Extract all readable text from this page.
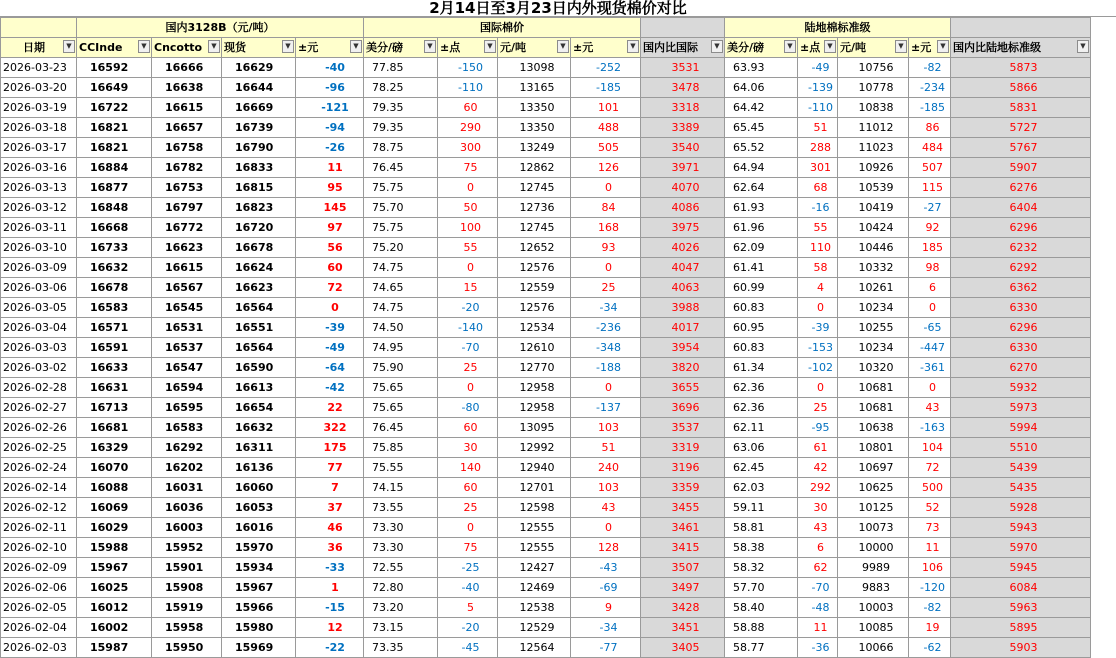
2月14日至3月23日内外现货棉价对比
	国内3128B（元/吨）				国际棉价					陆地棉标准级				

日期 ▼	CCInde ▼	Cncotto ▼	现货 ▼	±元 ▼	美分/磅 ▼	±点 ▼	元/吨 ▼	±元 ▼	国内比国际 ▼	美分/磅 ▼	±点 ▼	元/吨 ▼	±元 ▼	国内比陆地标准级 ▼

2026-03-23	16592	16666	16629	-40	77.85	-150	13098	-252	3531	63.93	-49	10756	-82	5873
2026-03-20	16649	16638	16644	-96	78.25	-110	13165	-185	3478	64.06	-139	10778	-234	5866
2026-03-19	16722	16615	16669	-121	79.35	60	13350	101	3318	64.42	-110	10838	-185	5831
2026-03-18	16821	16657	16739	-94	79.35	290	13350	488	3389	65.45	51	11012	86	5727
2026-03-17	16821	16758	16790	-26	78.75	300	13249	505	3540	65.52	288	11023	484	5767
2026-03-16	16884	16782	16833	11	76.45	75	12862	126	3971	64.94	301	10926	507	5907
2026-03-13	16877	16753	16815	95	75.75	0	12745	0	4070	62.64	68	10539	115	6276
2026-03-12	16848	16797	16823	145	75.70	50	12736	84	4086	61.93	-16	10419	-27	6404
2026-03-11	16668	16772	16720	97	75.75	100	12745	168	3975	61.96	55	10424	92	6296
2026-03-10	16733	16623	16678	56	75.20	55	12652	93	4026	62.09	110	10446	185	6232
2026-03-09	16632	16615	16624	60	74.75	0	12576	0	4047	61.41	58	10332	98	6292
2026-03-06	16678	16567	16623	72	74.65	15	12559	25	4063	60.99	4	10261	6	6362
2026-03-05	16583	16545	16564	0	74.75	-20	12576	-34	3988	60.83	0	10234	0	6330
2026-03-04	16571	16531	16551	-39	74.50	-140	12534	-236	4017	60.95	-39	10255	-65	6296
2026-03-03	16591	16537	16564	-49	74.95	-70	12610	-348	3954	60.83	-153	10234	-447	6330
2026-03-02	16633	16547	16590	-64	75.90	25	12770	-188	3820	61.34	-102	10320	-361	6270
2026-02-28	16631	16594	16613	-42	75.65	0	12958	0	3655	62.36	0	10681	0	5932
2026-02-27	16713	16595	16654	22	75.65	-80	12958	-137	3696	62.36	25	10681	43	5973
2026-02-26	16681	16583	16632	322	76.45	60	13095	103	3537	62.11	-95	10638	-163	5994
2026-02-25	16329	16292	16311	175	75.85	30	12992	51	3319	63.06	61	10801	104	5510
2026-02-24	16070	16202	16136	77	75.55	140	12940	240	3196	62.45	42	10697	72	5439
2026-02-14	16088	16031	16060	7	74.15	60	12701	103	3359	62.03	292	10625	500	5435
2026-02-12	16069	16036	16053	37	73.55	25	12598	43	3455	59.11	30	10125	52	5928
2026-02-11	16029	16003	16016	46	73.30	0	12555	0	3461	58.81	43	10073	73	5943
2026-02-10	15988	15952	15970	36	73.30	75	12555	128	3415	58.38	6	10000	11	5970
2026-02-09	15967	15901	15934	-33	72.55	-25	12427	-43	3507	58.32	62	9989	106	5945
2026-02-06	16025	15908	15967	1	72.80	-40	12469	-69	3497	57.70	-70	9883	-120	6084
2026-02-05	16012	15919	15966	-15	73.20	5	12538	9	3428	58.40	-48	10003	-82	5963
2026-02-04	16002	15958	15980	12	73.15	-20	12529	-34	3451	58.88	11	10085	19	5895
2026-02-03	15987	15950	15969	-22	73.35	-45	12564	-77	3405	58.77	-36	10066	-62	5903
